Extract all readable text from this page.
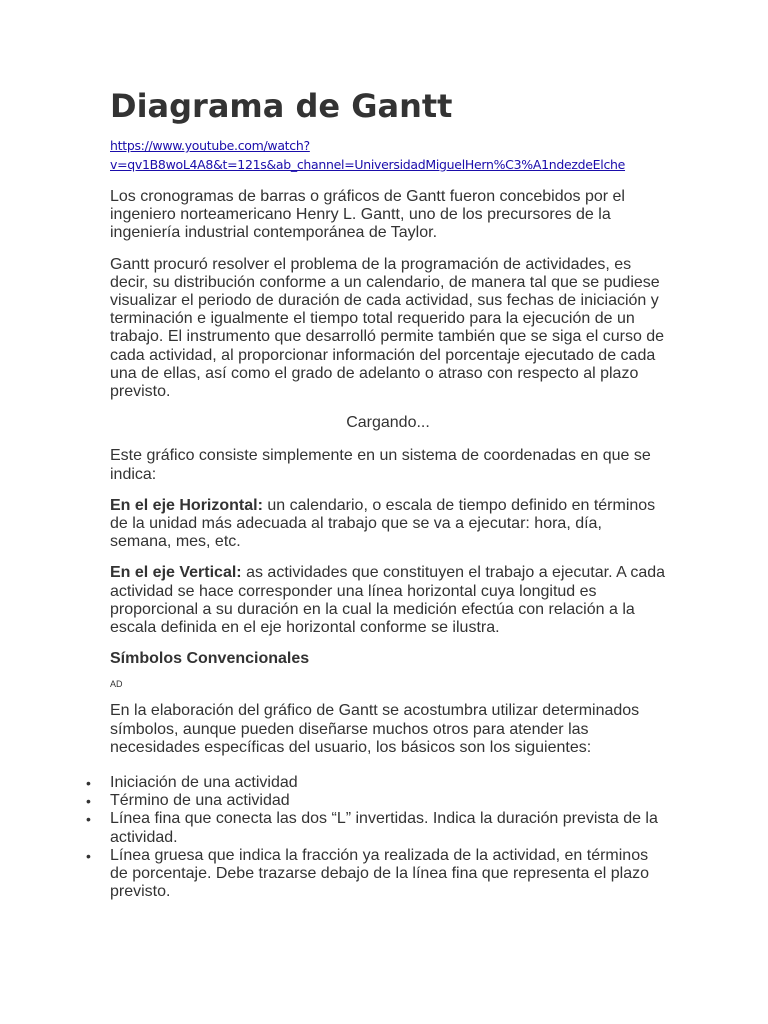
Diagrama de Gantt
https://www.youtube.com/watch?
v=qv1B8woL4A8&t=121s&ab_channel=UniversidadMiguelHern%C3%A1ndezdeElche

Los cronogramas de barras o gráficos de Gantt fueron concebidos por el ingeniero norteamericano Henry L. Gantt, uno de los precursores de la ingeniería industrial contemporánea de Taylor.

Gantt procuró resolver el problema de la programación de actividades, es decir, su distribución conforme a un calendario, de manera tal que se pudiese visualizar el periodo de duración de cada actividad, sus fechas de iniciación y terminación e igualmente el tiempo total requerido para la ejecución de un trabajo. El instrumento que desarrolló permite también que se siga el curso de cada actividad, al proporcionar información del porcentaje ejecutado de cada una de ellas, así como el grado de adelanto o atraso con respecto al plazo previsto.

Cargando...

Este gráfico consiste simplemente en un sistema de coordenadas en que se indica:

En el eje Horizontal: un calendario, o escala de tiempo definido en términos de la unidad más adecuada al trabajo que se va a ejecutar: hora, día, semana, mes, etc.

En el eje Vertical: as actividades que constituyen el trabajo a ejecutar. A cada actividad se hace corresponder una línea horizontal cuya longitud es proporcional a su duración en la cual la medición efectúa con relación a la escala definida en el eje horizontal conforme se ilustra.

Símbolos Convencionales

AD

En la elaboración del gráfico de Gantt se acostumbra utilizar determinados símbolos, aunque pueden diseñarse muchos otros para atender las necesidades específicas del usuario, los básicos son los siguientes:

•	Iniciación de una actividad
•	Término de una actividad
•	Línea fina que conecta las dos “L” invertidas. Indica la duración prevista de la actividad.
•	Línea gruesa que indica la fracción ya realizada de la actividad, en términos de porcentaje. Debe trazarse debajo de la línea fina que representa el plazo previsto.
